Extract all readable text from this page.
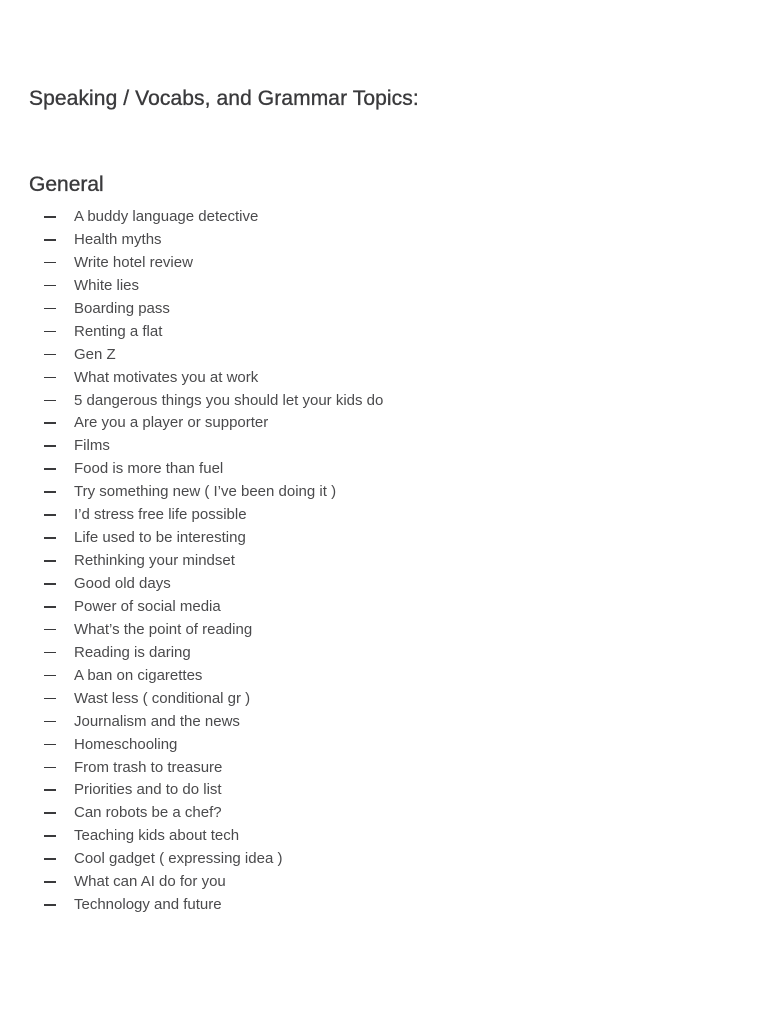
Speaking / Vocabs, and Grammar Topics:
General
A buddy language detective
Health myths
Write hotel review
White lies
Boarding pass
Renting a flat
Gen Z
What motivates you at work
5 dangerous things you should let your kids do
Are you a player or supporter
Films
Food is more than fuel
Try something new ( I’ve been doing it )
I’d stress free life possible
Life used to be interesting
Rethinking your mindset
Good old days
Power of social media
What’s the point of reading
Reading is daring
A ban on cigarettes
Wast less ( conditional gr )
Journalism and the news
Homeschooling
From trash to treasure
Priorities and to do list
Can robots be a chef?
Teaching kids about tech
Cool gadget ( expressing idea )
What can AI do for you
Technology and future
